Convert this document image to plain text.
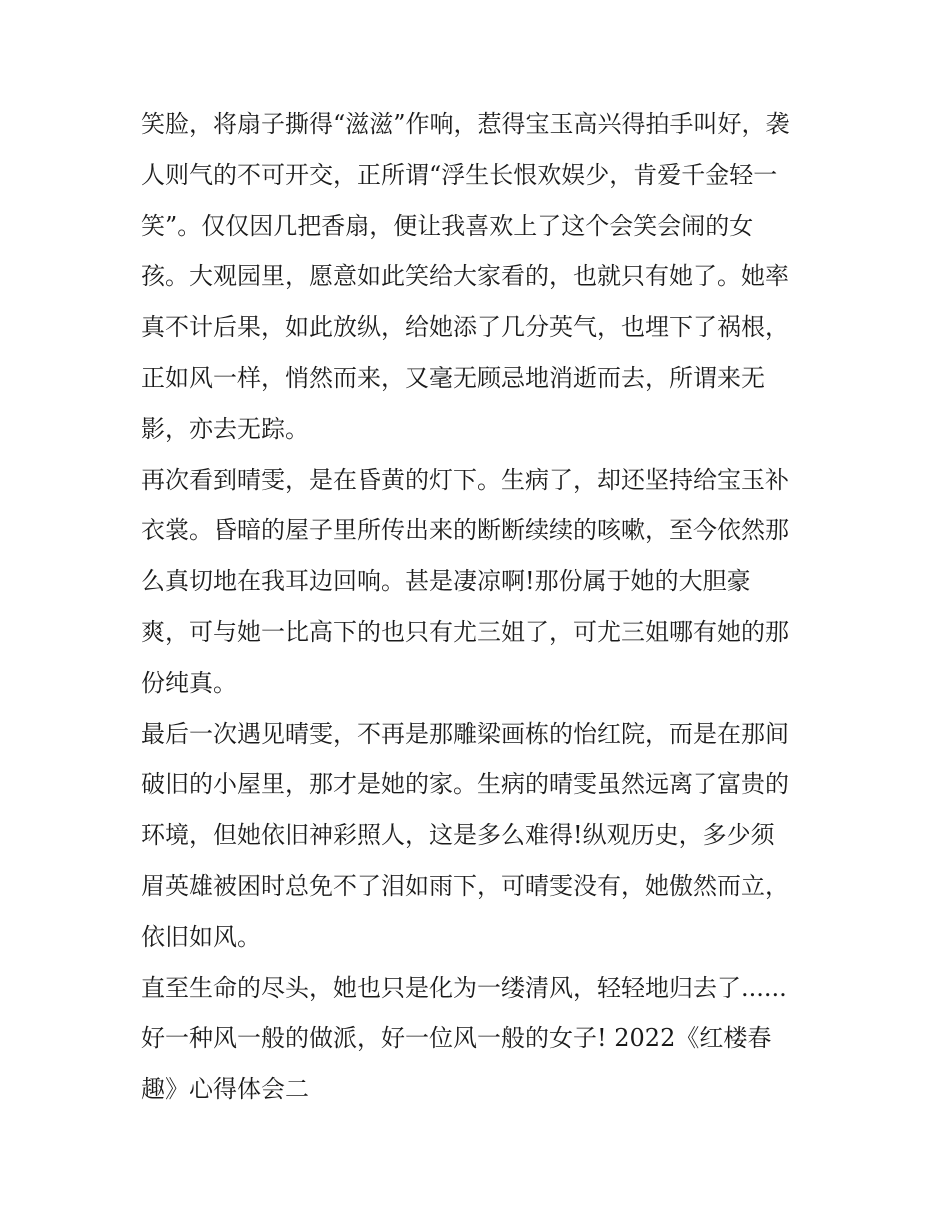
笑脸，将扇子撕得“滋滋”作响，惹得宝玉高兴得拍手叫好，袭
人则气的不可开交，正所谓“浮生长恨欢娱少，肯爱千金轻一
笑”。仅仅因几把香扇，便让我喜欢上了这个会笑会闹的女
孩。大观园里，愿意如此笑给大家看的，也就只有她了。她率
真不计后果，如此放纵，给她添了几分英气，也埋下了祸根，
正如风一样，悄然而来，又毫无顾忌地消逝而去，所谓来无
影，亦去无踪。
再次看到晴雯，是在昏黄的灯下。生病了，却还坚持给宝玉补
衣裳。昏暗的屋子里所传出来的断断续续的咳嗽，至今依然那
么真切地在我耳边回响。甚是凄凉啊!那份属于她的大胆豪
爽，可与她一比高下的也只有尤三姐了，可尤三姐哪有她的那
份纯真。
最后一次遇见晴雯，不再是那雕梁画栋的怡红院，而是在那间
破旧的小屋里，那才是她的家。生病的晴雯虽然远离了富贵的
环境，但她依旧神彩照人，这是多么难得!纵观历史，多少须
眉英雄被困时总免不了泪如雨下，可晴雯没有，她傲然而立，
依旧如风。
直至生命的尽头，她也只是化为一缕清风，轻轻地归去了......
好一种风一般的做派，好一位风一般的女子! 2022《红楼春
趣》心得体会二
